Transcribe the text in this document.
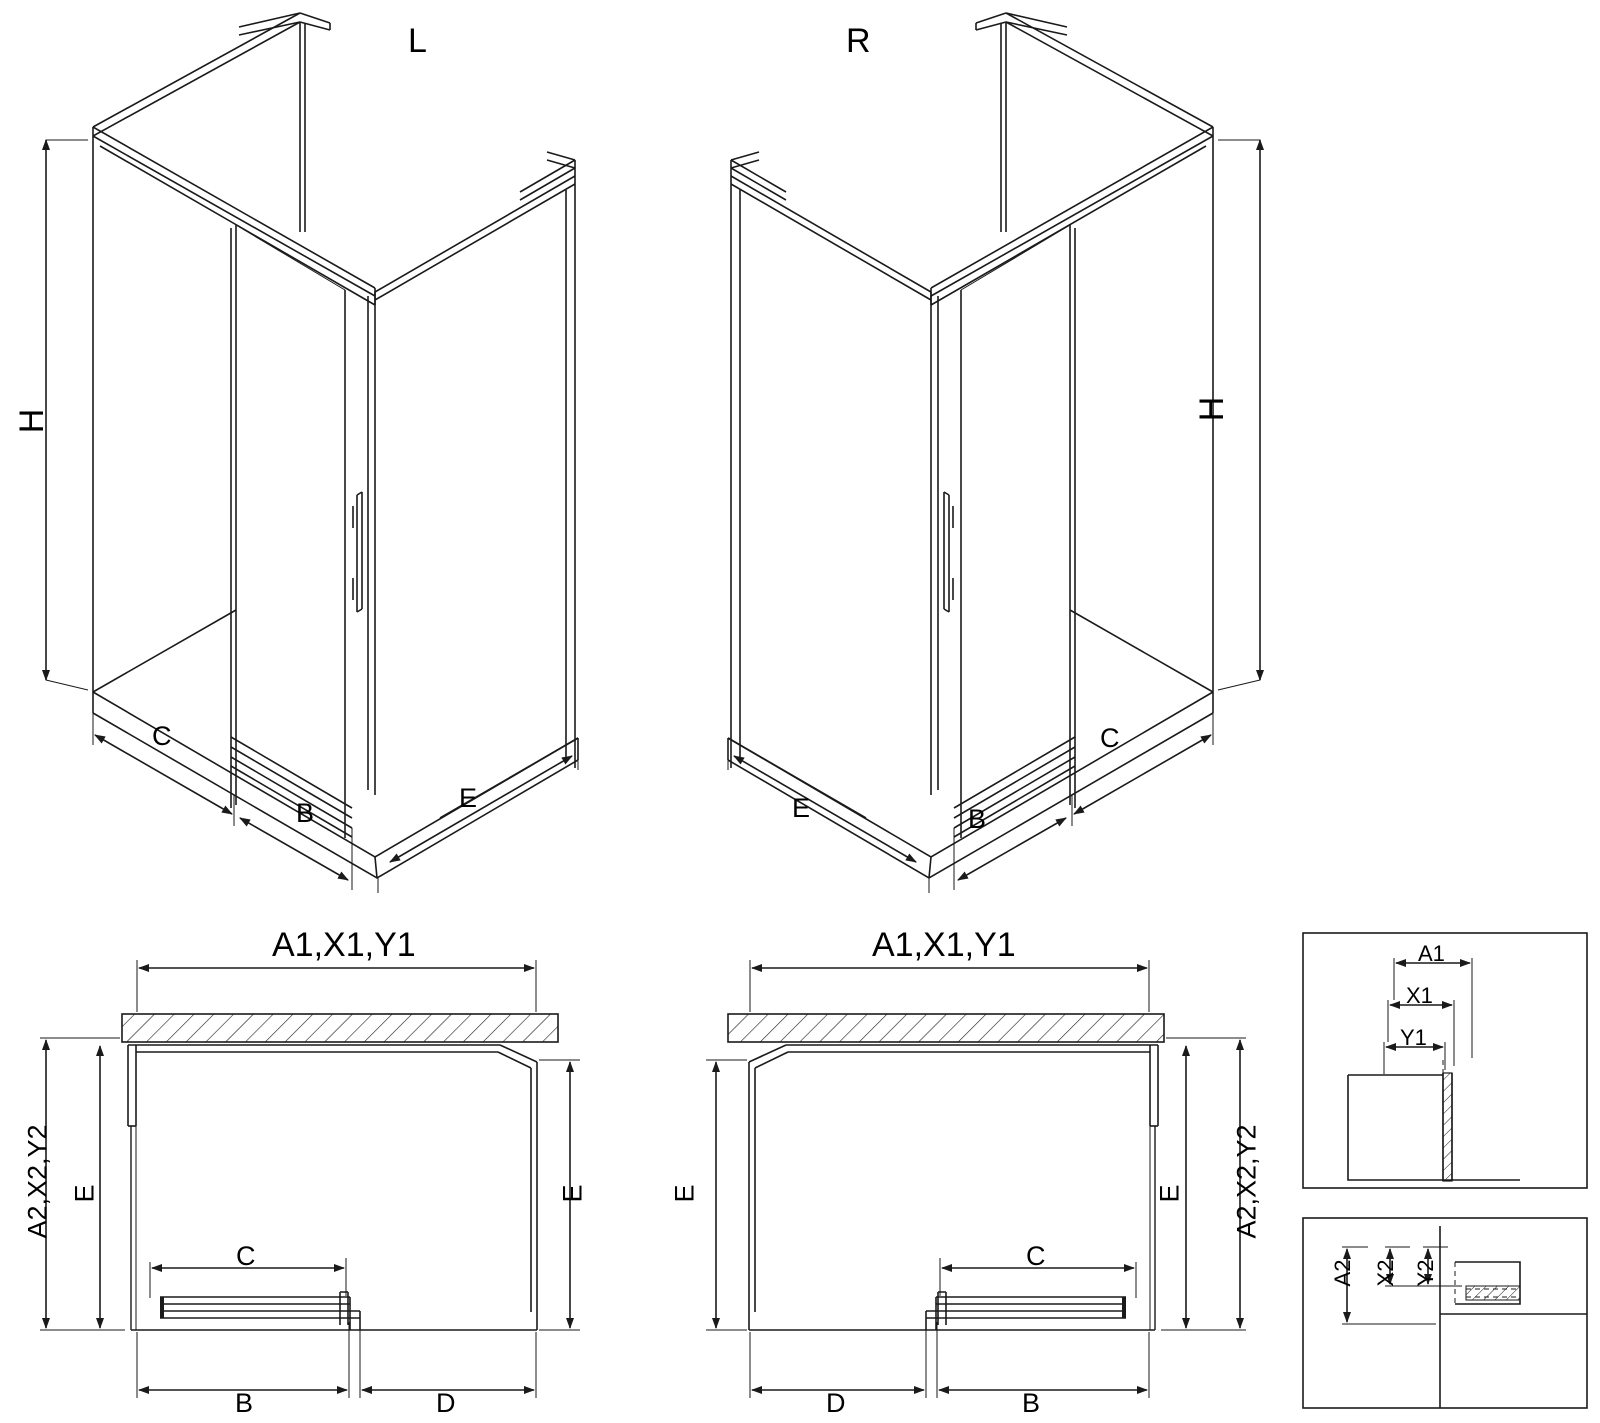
L	R
H
C
B	E
H
C
B
E
A1,X1,Y1
A2,X2,Y2 E	E
C
B	D
A1,X1,Y1
E	E A2,X2,Y2
C
B
D
A1
X1
Y1
A2 X2 Y2
